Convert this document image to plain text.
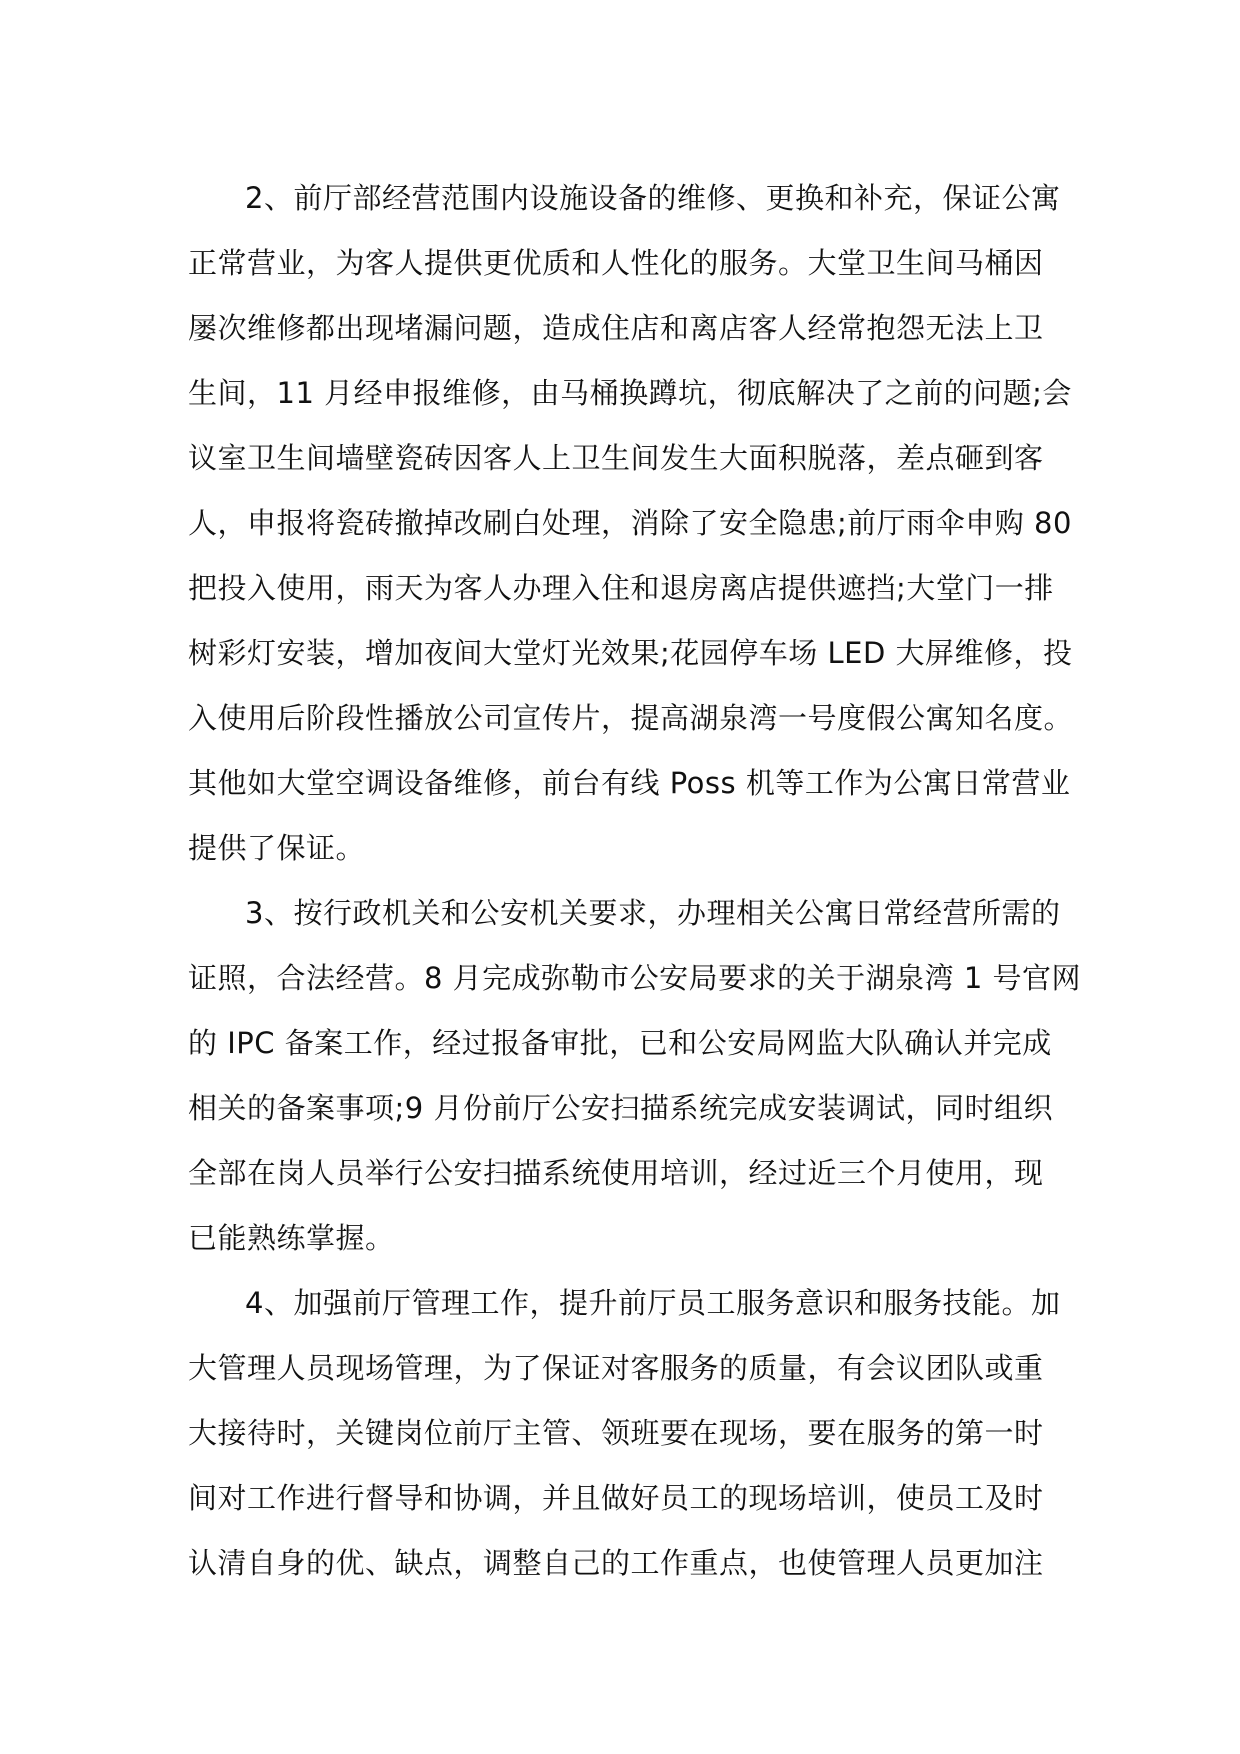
2、前厅部经营范围内设施设备的维修、更换和补充，保证公寓
正常营业，为客人提供更优质和人性化的服务。大堂卫生间马桶因
屡次维修都出现堵漏问题，造成住店和离店客人经常抱怨无法上卫
生间，11 月经申报维修，由马桶换蹲坑，彻底解决了之前的问题;会
议室卫生间墙壁瓷砖因客人上卫生间发生大面积脱落，差点砸到客
人，申报将瓷砖撤掉改刷白处理，消除了安全隐患;前厅雨伞申购 80
把投入使用，雨天为客人办理入住和退房离店提供遮挡;大堂门一排
树彩灯安装，增加夜间大堂灯光效果;花园停车场 LED 大屏维修，投
入使用后阶段性播放公司宣传片，提高湖泉湾一号度假公寓知名度。
其他如大堂空调设备维修，前台有线 Poss 机等工作为公寓日常营业
提供了保证。

3、按行政机关和公安机关要求，办理相关公寓日常经营所需的
证照，合法经营。8 月完成弥勒市公安局要求的关于湖泉湾 1 号官网
的 IPC 备案工作，经过报备审批，已和公安局网监大队确认并完成
相关的备案事项;9 月份前厅公安扫描系统完成安装调试，同时组织
全部在岗人员举行公安扫描系统使用培训，经过近三个月使用，现
已能熟练掌握。

4、加强前厅管理工作，提升前厅员工服务意识和服务技能。加
大管理人员现场管理，为了保证对客服务的质量，有会议团队或重
大接待时，关键岗位前厅主管、领班要在现场，要在服务的第一时
间对工作进行督导和协调，并且做好员工的现场培训，使员工及时
认清自身的优、缺点，调整自己的工作重点，也使管理人员更加注
